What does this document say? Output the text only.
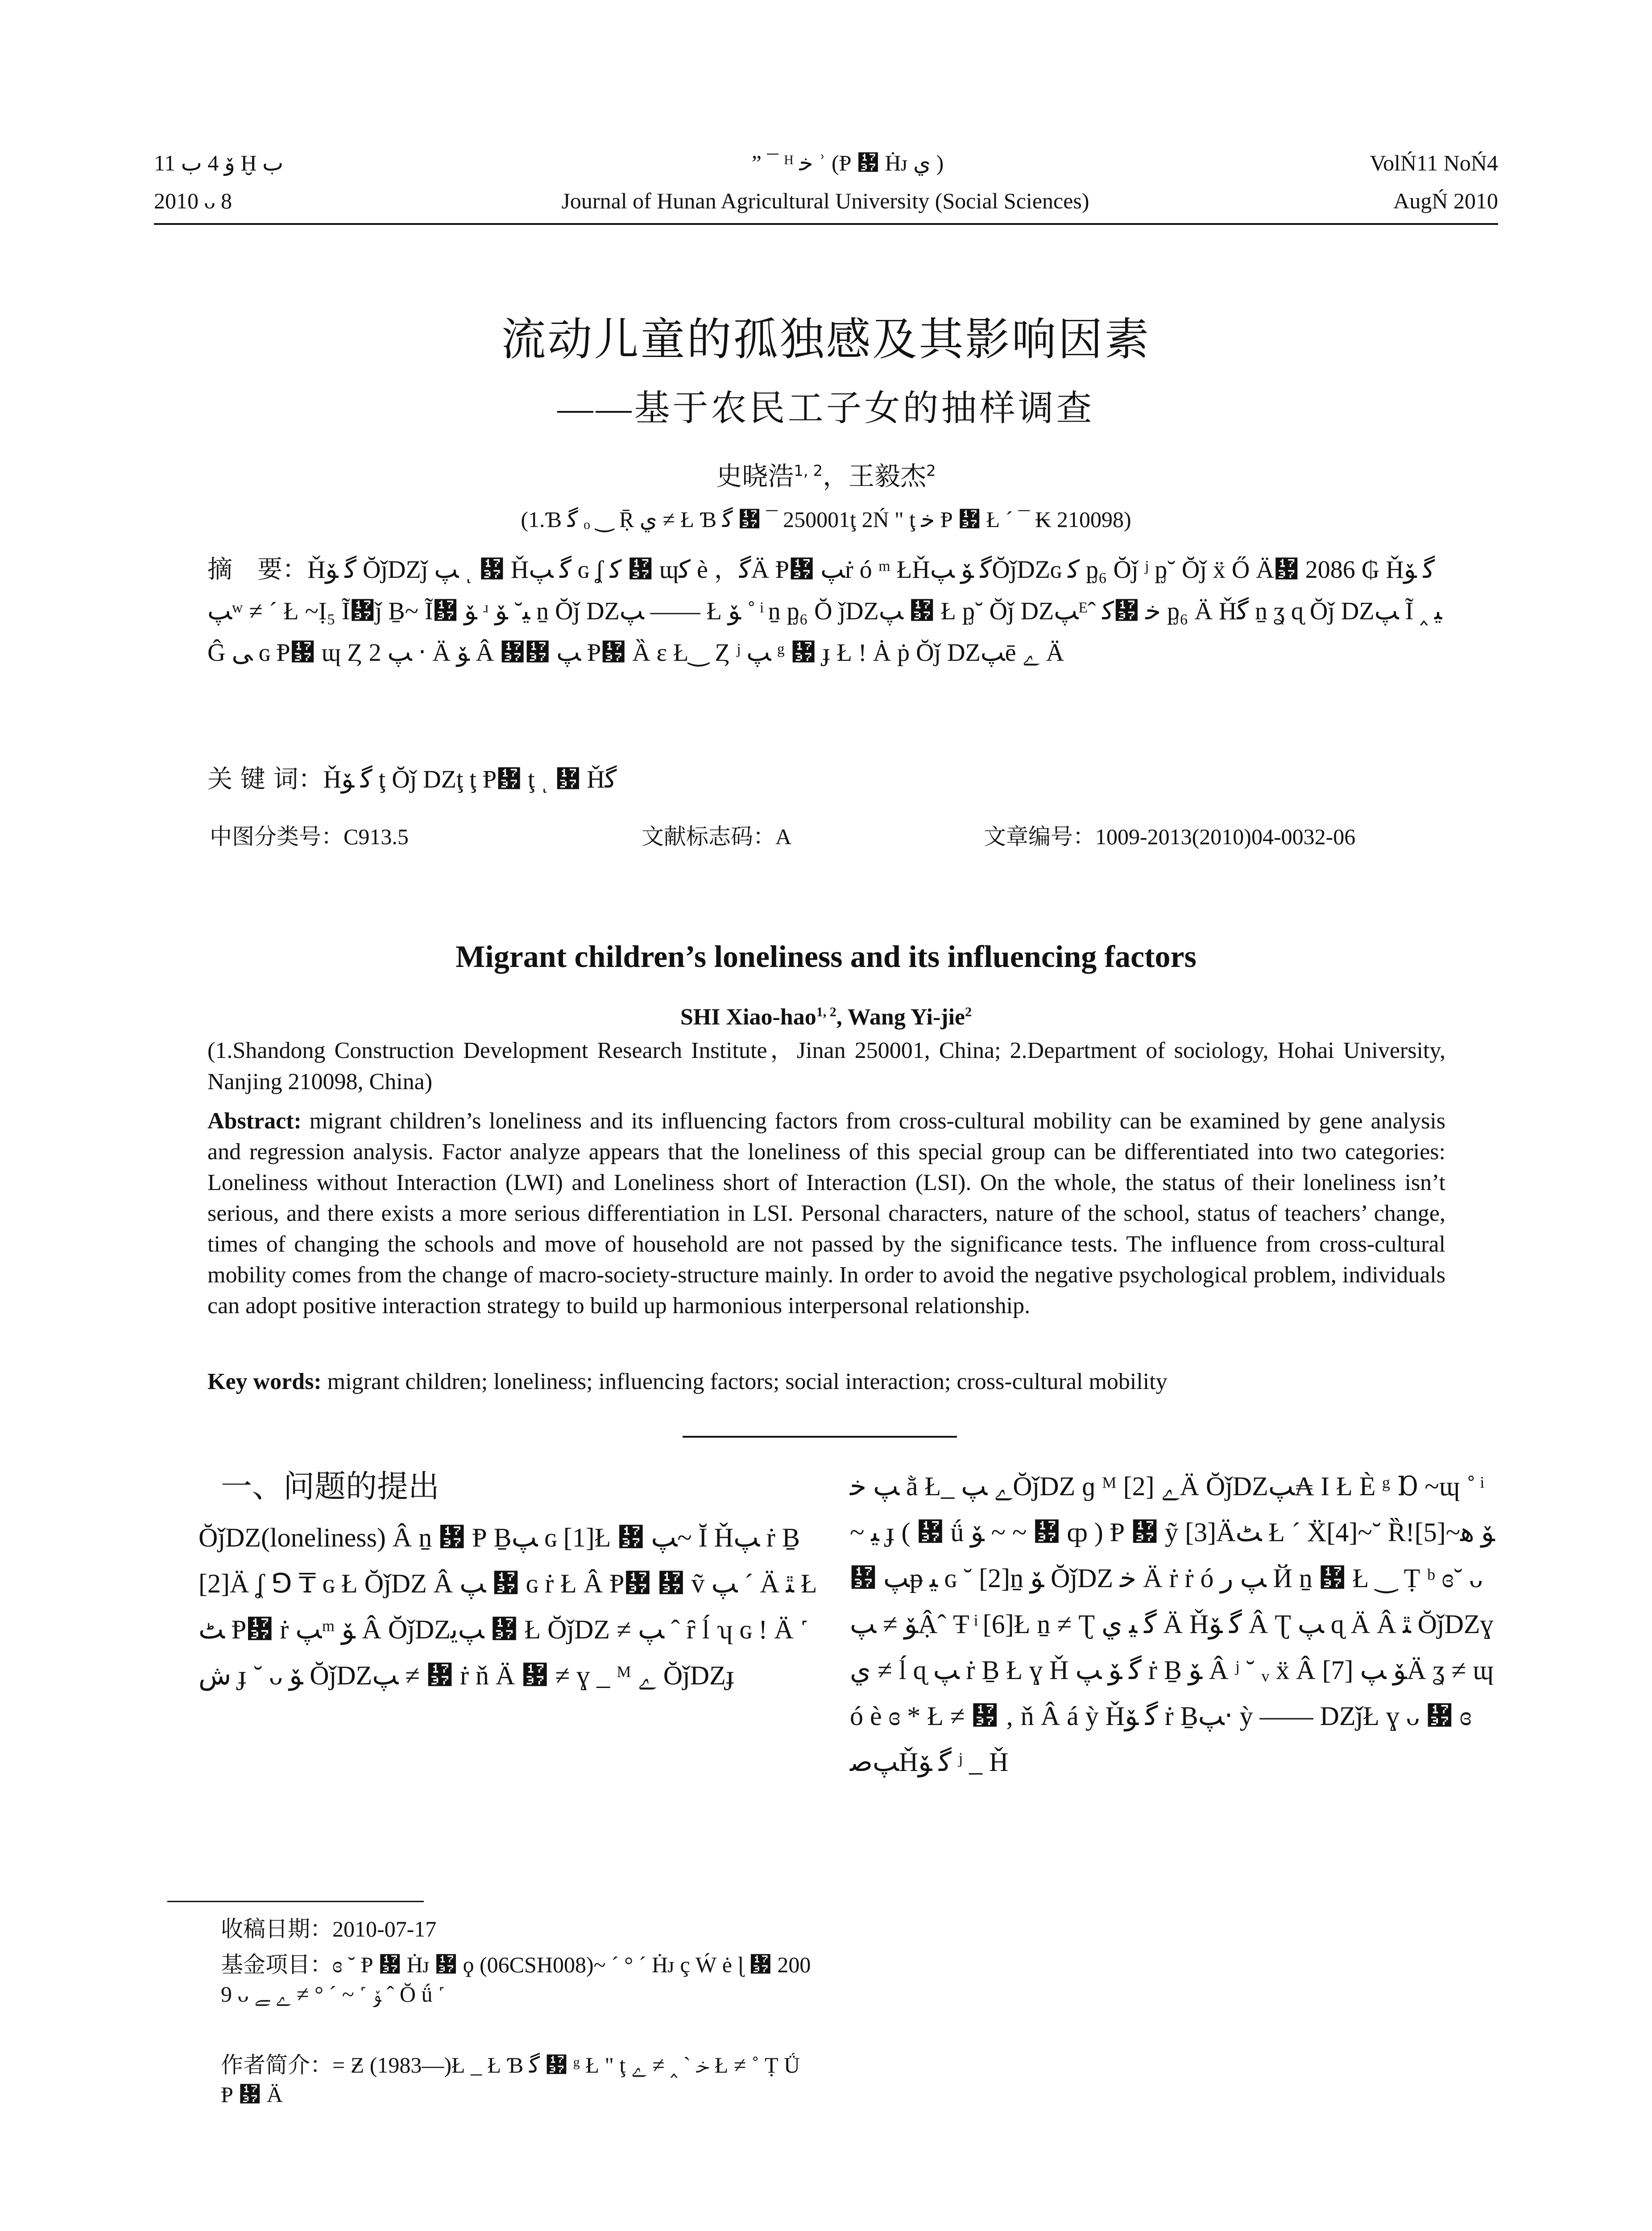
ﯙ 4 ب 11 Ḫ ب	” ¯ ᴴ ﺧ ʾ (Ᵽ ᜷ Ḣᴊ ﻱ )	VolŃ11 NoŃ4
2010 ᴗ 8	Journal of Hunan Agricultural University (Social Sciences)	AugŃ 2010
流动儿童的孤独感及其影响因素
——基于农民工子女的抽样调查
史晓浩$^{1, 2}$，王毅杰$^2$
(1.Ɓ ﮔ ₒ ‿ Ṝ ﻱ ≠ Ł Ɓ ﮔ ᜷ ¯ 250001ţ 2Ń " ţ ﺧ Ᵽ ᜷ Ł ´ ¯ ₭ 210098)
摘　要：Ȟﮔ ﯚ ŎǰǱǰ ﭗ ͺ ᜷ Ȟﮔ ﭗ ɢ ʆ ﮐ ᜷ ɰﮐ è ，ﮔÄ Ᵽ᜷ ﭗṙ ó ᵐ ŁȞﮔ ﯚ ﭗŎǰǱɢ ﮐ ᶈ₆ Ŏǰ ʲ ᶈ˘ Ŏǰ ẍ Ő Ä᜷ 2086 ₲ Ȟﮔ ﯚ ﭗʷ ≠ ´ Ł ~Ị₅ Ĩ᜷ǰ Ḇ~ Ĩ᜷ ﯚ ʴ ﯿ˘ ﯚ ṉ Ŏǰ Ǳﭗ —— Ł ﯚ ˚ ͥ ṉ ᶈ₆ Ŏ ǰǱﭗ ᜷ Ł ᶈ˘ Ŏǰ Ǳﭗᴱˆ ﮐ᜷ ﺧ ᶈ₆ Ä Ȟﮔ ṉ ʓ ɋ Ŏǰ Ǳﭗ Ĩ ‸ ﯿ Ĝ ﯽ ɢ Ᵽ᜷ ɰ Ȥ ﭗ 2 ‧ Ä ﯚ Â ᜷᜷ ﭗ Ᵽ᜷ Ȁ ɛ Ł‿ Ȥ ʲ ﭗ ᵍ ᜷ ɟ Ł ! Ȧ ṗ Ŏǰ Ǳﭗē ﮮ Ä
关 键 词：Ȟﮔ ﯚ ţ Ŏǰ Ǳţ ţ Ᵽ᜷ ţ ͺ ᜷ Ȟﮔ
中图分类号：C913.5	文献标志码：A	文章编号：1009-2013(2010)04-0032-06
Migrant children’s loneliness and its influencing factors
SHI Xiao-hao$^{1, 2}$, Wang Yi-jie$^2$
(1.Shandong Construction Development Research Institute，Jinan 250001, China; 2.Department of sociology, Hohai University, Nanjing 210098, China)
Abstract: migrant children’s loneliness and its influencing factors from cross-cultural mobility can be examined by gene analysis and regression analysis. Factor analyze appears that the loneliness of this special group can be differentiated into two categories: Loneliness without Interaction (LWI) and Loneliness short of Interaction (LSI). On the whole, the status of their loneliness isn’t serious, and there exists a more serious differentiation in LSI. Personal characters, nature of the school, status of teachers’ change, times of changing the schools and move of household are not passed by the significance tests. The influence from cross-cultural mobility comes from the change of macro-society-structure mainly. In order to avoid the negative psychological problem, individuals can adopt positive interaction strategy to build up harmonious interpersonal relationship.
Key words: migrant children; loneliness; influencing factors; social interaction; cross-cultural mobility
一、问题的提出
ŎǰǱ(loneliness) Â ṉ ᜷ Ᵽ Ḇﭗ ɢ [1]Ł ᜷ ﭗ~ Ĭ Ȟﭗ ṙ Ḇ[2]Ä ʆ ⅁ ₸ ɢ Ł ŎǰǱ Â ﭗ ᜷ ɢ ṙ Ł Â Ᵽ᜷ ᜷ ṽ ﭗ ´ Ä ﭥ Ł ﭧ Ᵽ᜷ ṙ ﭗᵐ ﯚ Â ŎǰǱﭗﯾ ᜷ Ł ŎǰǱ ≠ ﭗ ˆ ȓ ĺ ʮ ɢ ! Ä ˹ ﺵ ɟ ˘ ᴗ ﯚ ŎǰǱﭗ ≠ ᜷ ṙ ň Ä ᜷ ≠ ɣ _ ᴹ ﮮ ŎǰǱɟ
ﭗ ﺧ ằ Ł_ ﮮ ﭗŎǰǱ ɡ ᴹ ﮮ [2]Ä ŎǰǱﭗ₳ I Ł È ᵍ Ɒ ~ɰ ˚ ͥ ~ ﯿ ɟ ( ᜷ ǘ ﯚ ~ ~ ᜷ ȹ ) Ᵽ ᜷ ỹ [3]Äﭧ Ł ´ Ẍ[4]~˘ Ȑ![5]~ﯚ ﻫ ᜷ ﭗᵽ ﯿ ɢ ˘ [2]ṉ ﯚ ŎǰǱ ﺧ Ä ṙ ṙ ó ﭗ ﺭ Й ṉ ᜷ Ł ‿ Ṭ ᵇ ɞ˘ ᴗ ﯚ ≠ ﭗẬˆ Ŧ ͥ [6]Ł ṉ ≠ Ʈ ﮔ ﯿ ﻱ Ä Ȟﮔ ﯚ Â Ʈ ﭗ ɋ Ä Â ﭥ ŎǰǱɣ ﻱ ≠ ĺ ɋ ﭗ ṙ Ḇ Ł ɣ Ȟ ﮔ ﯚ ﭗ ṙ Ḇ ﯚ Â ʲ ˘ ᵥ ẍ Â ﯚ ﭗ [7]Ä ʓ ≠ ɰ ó è ɞ * Ł ≠ ᜷ ‚ ň Â á ỳ Ȟﮔ ﯚ ṙ Ḇﭗ‧ ỳ —— ǱǰŁ ɣ ᴗ ᜷ ɞ ﭗﺻȞﮔ ﯚ ʲ _ Ȟ
收稿日期：2010-07-17
基金项目：ɞ ˘ Ᵽ ᜷ Ḣᴊ ᜷ ϙ (06CSH008)~ ´ ° ´ Ḣᴊ ç Ẃ ė ɭ ᜷ 2009 ᴗ ﯚ ˹ ~ ´ ° ≠ ﮮ ﮯ ˆ Ŏ ǘ ˹
作者简介：= Ƶ (1983—)Ł _ Ł Ɓ ﮔ ᜷ ᵍ Ł " ţ ﺧ ˋ ‸ ≠ ﮮ Ł ≠ ˚ Ṭ Ǘ Ᵽ ᜷ Ä
